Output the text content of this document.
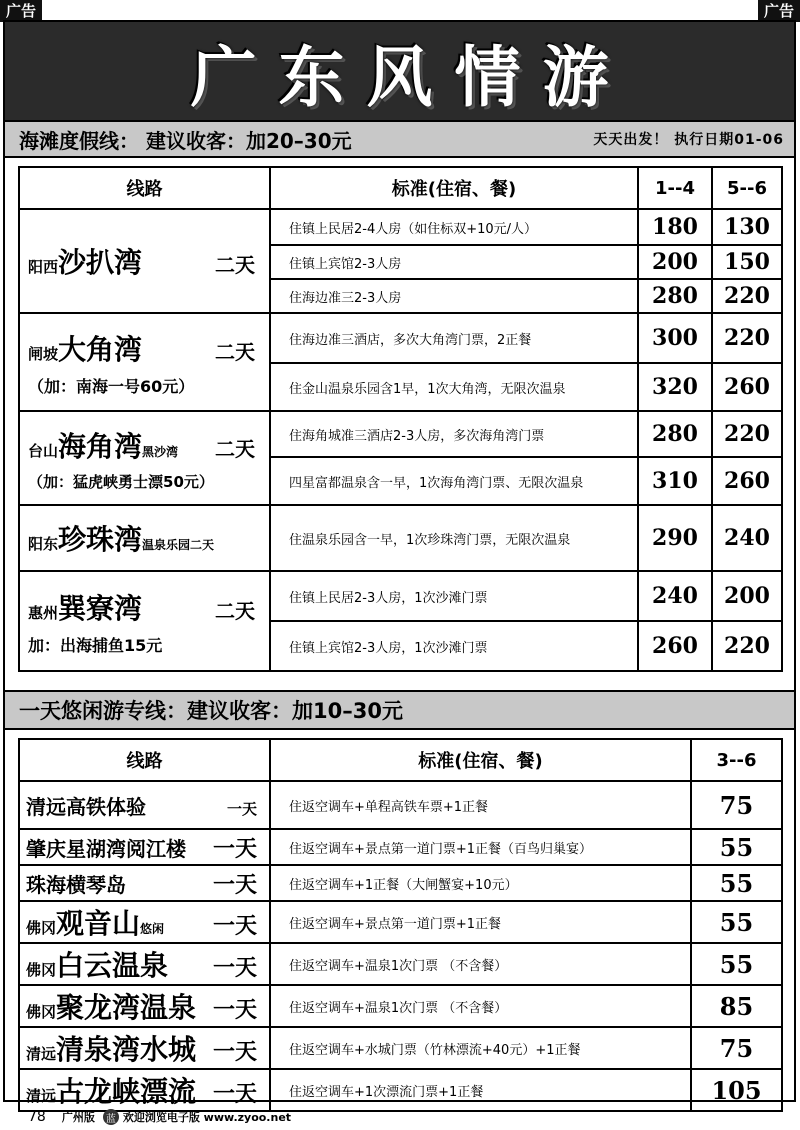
广告	广告
广东风情游
海滩度假线： 建议收客：加20–30元	天天出发！ 执行日期01-06
线路	标准(住宿、餐)	1--4	5--6

阳西 沙扒湾 二天	住镇上民居2-4人房（如住标双+10元/人）	180	130
	住镇上宾馆2-3人房	200	150
	住海边准三2-3人房	280	220

闸坡 大角湾 二天
（加：南海一号60元）	住海边准三酒店，多次大角湾门票，2正餐	300	220
	住金山温泉乐园含1早，1次大角湾，无限次温泉	320	260

台山 海角湾 黑沙湾 二天
（加：猛虎峡勇士漂50元）	住海角城准三酒店2-3人房，多次海角湾门票	280	220
	四星富都温泉含一早，1次海角湾门票、无限次温泉	310	260

阳东 珍珠湾 温泉乐园二天	住温泉乐园含一早，1次珍珠湾门票，无限次温泉	290	240

惠州 巽寮湾 二天
加：出海捕鱼15元	住镇上民居2-3人房，1次沙滩门票	240	200
	住镇上宾馆2-3人房，1次沙滩门票	260	220
一天悠闲游专线：建议收客：加10–30元
线路	标准(住宿、餐)	3--6

清远高铁体验 一天	住返空调车+单程高铁车票+1正餐	75

肇庆星湖湾阅江楼 一天	住返空调车+景点第一道门票+1正餐（百鸟归巢宴）	55

珠海横琴岛 一天	住返空调车+1正餐（大闸蟹宴+10元）	55

佛冈 观音山 悠闲 一天	住返空调车+景点第一道门票+1正餐	55

佛冈 白云温泉 一天	住返空调车+温泉1次门票 （不含餐）	55

佛冈 聚龙湾温泉 一天	住返空调车+温泉1次门票 （不含餐）	85

清远 清泉湾水城 一天	住返空调车+水城门票（竹林漂流+40元）+1正餐	75

清远 古龙峡漂流 一天	住返空调车+1次漂流门票+1正餐	105
78 广州版	蓝 欢迎浏览电子版 www.zyoo.net
